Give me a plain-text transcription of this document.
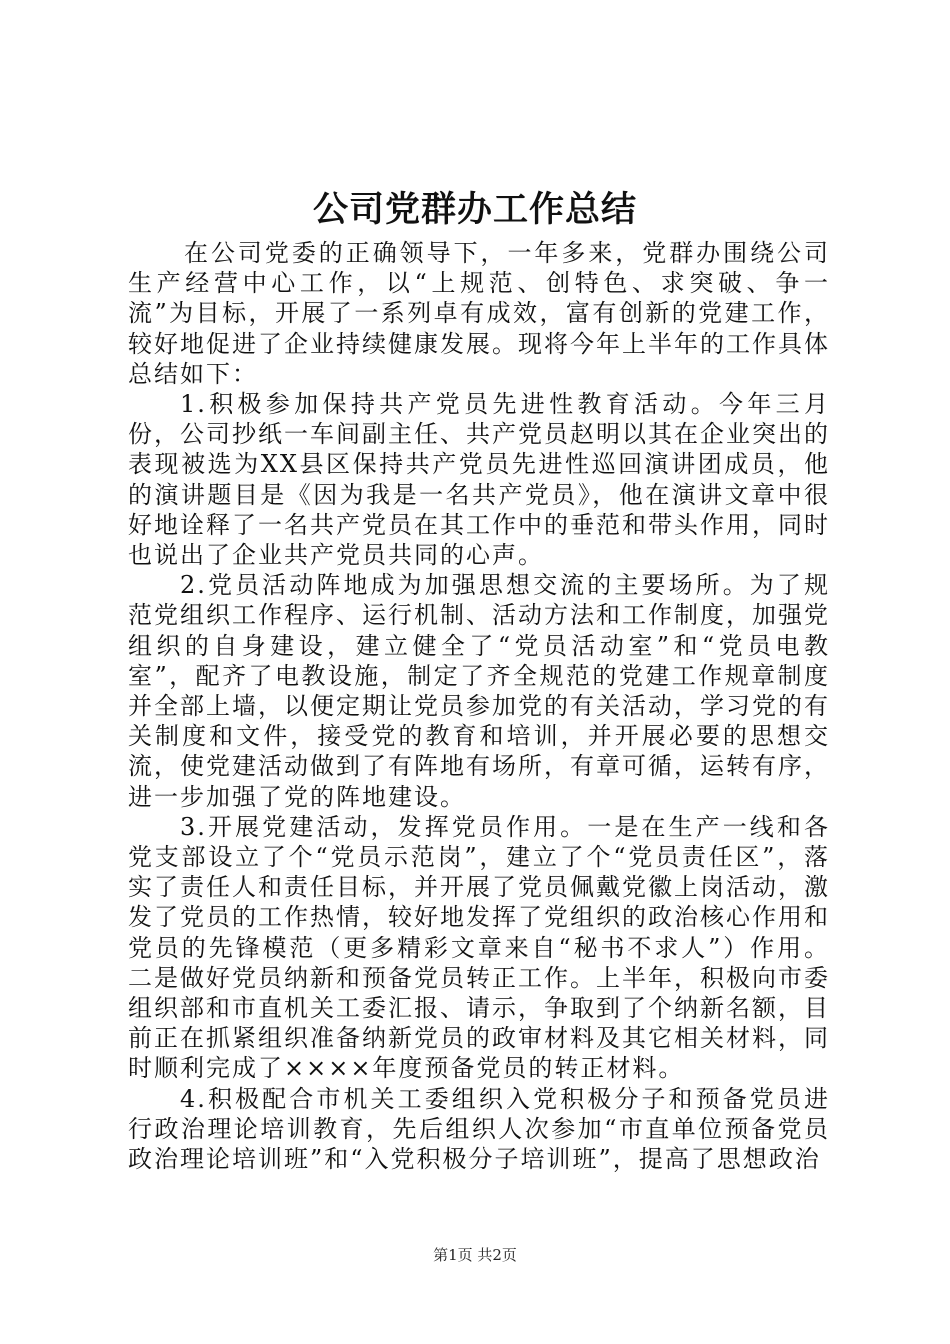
公司党群办工作总结

在公司党委的正确领导下，一年多来，党群办围绕公司生产经营中心工作，以“上规范、创特色、求突破、争一流”为目标，开展了一系列卓有成效，富有创新的党建工作，较好地促进了企业持续健康发展。现将今年上半年的工作具体总结如下：

1.积极参加保持共产党员先进性教育活动。今年三月份，公司抄纸一车间副主任、共产党员赵明以其在企业突出的表现被选为XX县区保持共产党员先进性巡回演讲团成员，他的演讲题目是《因为我是一名共产党员》，他在演讲文章中很好地诠释了一名共产党员在其工作中的垂范和带头作用，同时也说出了企业共产党员共同的心声。

2.党员活动阵地成为加强思想交流的主要场所。为了规范党组织工作程序、运行机制、活动方法和工作制度，加强党组织的自身建设，建立健全了“党员活动室”和“党员电教室”，配齐了电教设施，制定了齐全规范的党建工作规章制度并全部上墙，以便定期让党员参加党的有关活动，学习党的有关制度和文件，接受党的教育和培训，并开展必要的思想交流，使党建活动做到了有阵地有场所，有章可循，运转有序，进一步加强了党的阵地建设。

3.开展党建活动，发挥党员作用。一是在生产一线和各党支部设立了个“党员示范岗”，建立了个“党员责任区”，落实了责任人和责任目标，并开展了党员佩戴党徽上岗活动，激发了党员的工作热情，较好地发挥了党组织的政治核心作用和党员的先锋模范（更多精彩文章来自“秘书不求人”）作用。二是做好党员纳新和预备党员转正工作。上半年，积极向市委组织部和市直机关工委汇报、请示，争取到了个纳新名额，目前正在抓紧组织准备纳新党员的政审材料及其它相关材料，同时顺利完成了××××年度预备党员的转正材料。

4.积极配合市机关工委组织入党积极分子和预备党员进行政治理论培训教育，先后组织人次参加“市直单位预备党员政治理论培训班”和“入党积极分子培训班”，提高了思想政治

第1页 共2页
